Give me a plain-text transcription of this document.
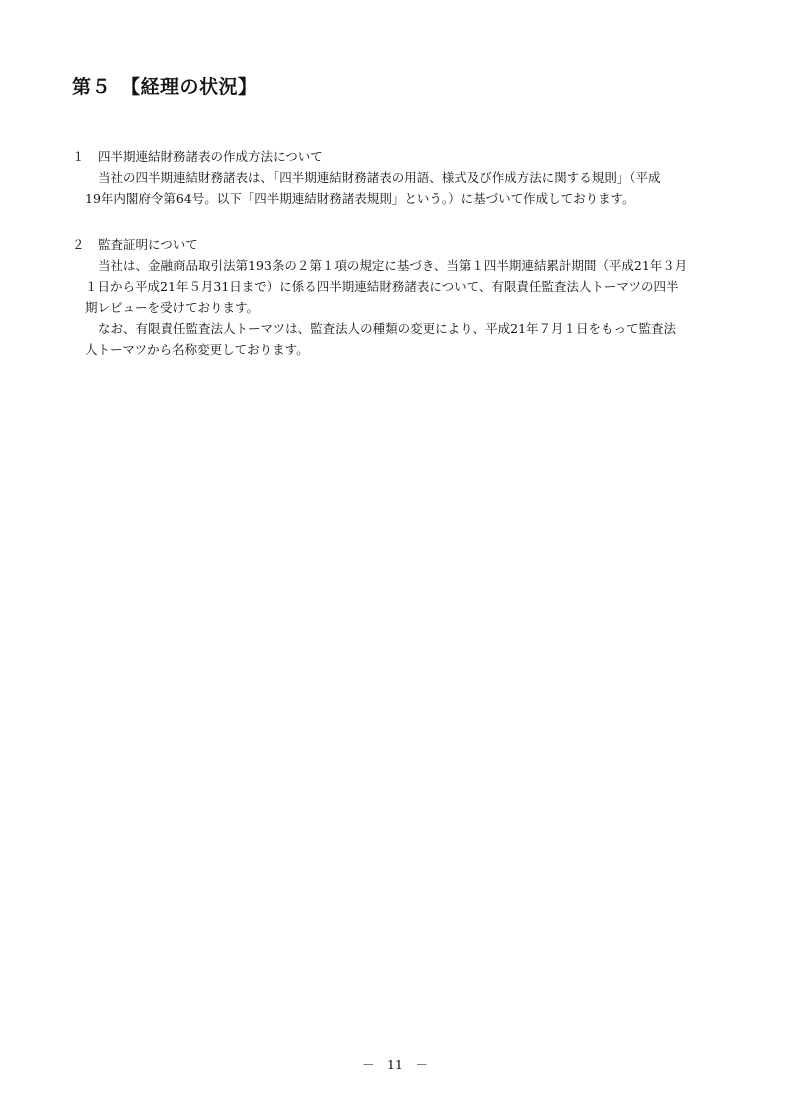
第５　【経理の状況】
１	四半期連結財務諸表の作成方法について
当社の四半期連結財務諸表は、「四半期連結財務諸表の用語、様式及び作成方法に関する規則」（平成
19年内閣府令第64号。以下「四半期連結財務諸表規則」という。）に基づいて作成しております。
２	監査証明について
当社は、金融商品取引法第193条の２第１項の規定に基づき、当第１四半期連結累計期間（平成21年３月
１日から平成21年５月31日まで）に係る四半期連結財務諸表について、有限責任監査法人トーマツの四半
期レビューを受けております。
なお、有限責任監査法人トーマツは、監査法人の種類の変更により、平成21年７月１日をもって監査法
人トーマツから名称変更しております。
－　11　－
